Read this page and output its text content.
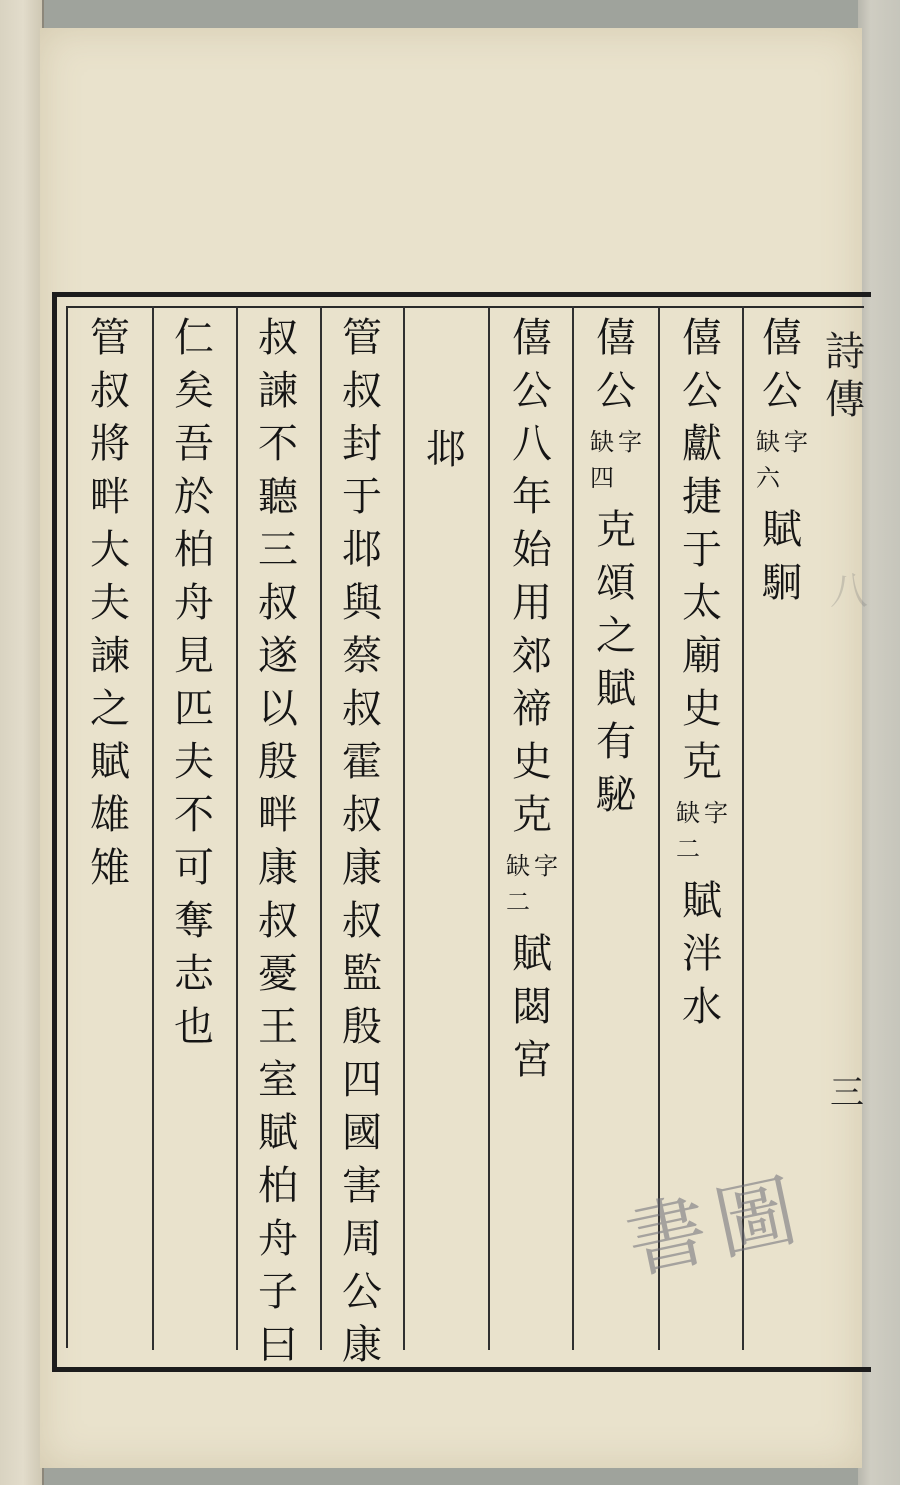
詩
傳
三
八
僖
公
字
缺
六
賦
駉
僖
公
獻
捷
于
太
廟
史
克
字
缺
二
賦
泮
水
僖
公
字
缺
四
克
頌
之
賦
有
駜
僖
公
八
年
始
用
郊
禘
史
克
字
缺
二
賦
閟
宮
邶
管
叔
封
于
邶
與
蔡
叔
霍
叔
康
叔
監
殷
四
國
害
周
公
康
叔
諫
不
聽
三
叔
遂
以
殷
畔
康
叔
憂
王
室
賦
柏
舟
子
曰
仁
矣
吾
於
柏
舟
見
匹
夫
不
可
奪
志
也
管
叔
將
畔
大
夫
諫
之
賦
雄
雉
書
圖
